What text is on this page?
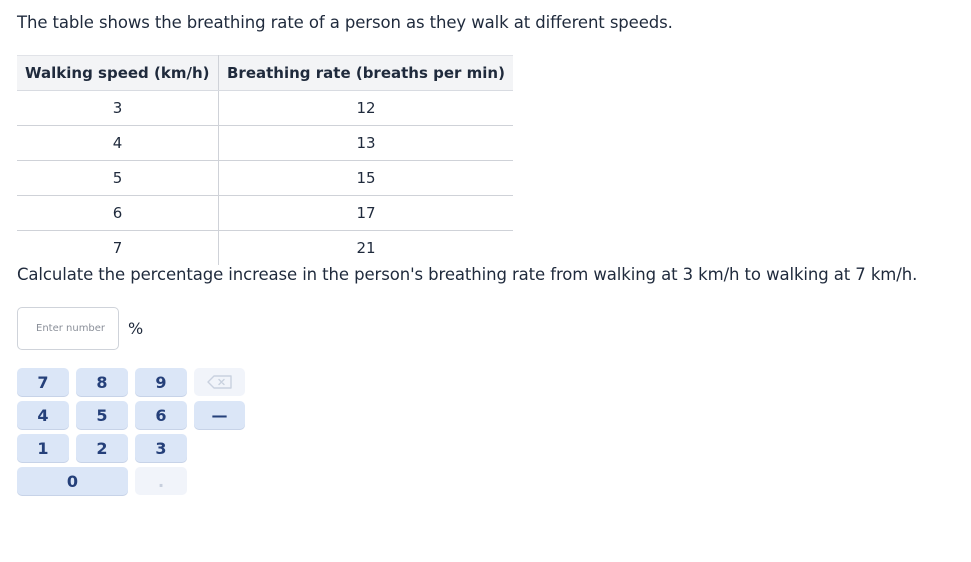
The table shows the breathing rate of a person as they walk at different speeds.
Walking speed (km/h)	Breathing rate (breaths per min)
3	12
4	13
5	15
6	17
7	21
Calculate the percentage increase in the person's breathing rate from walking at 3 km/h to walking at 7 km/h.
Enter number
%
7	8	9
4	5	6	—
1	2	3
0	.
